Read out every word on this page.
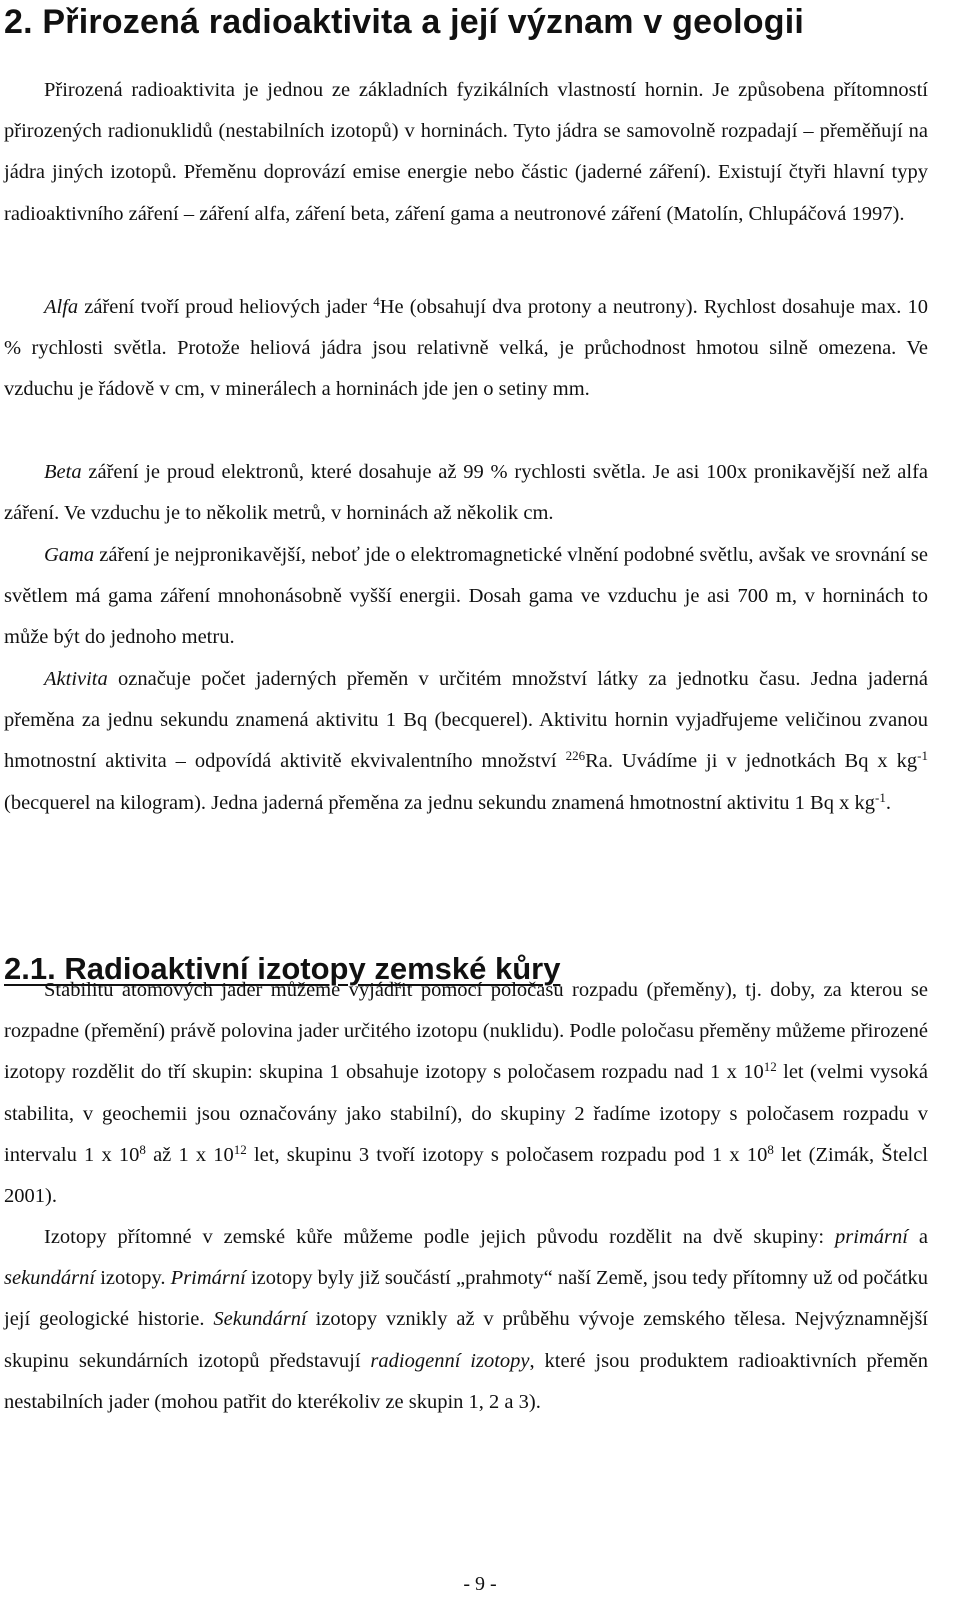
2. Přirozená radioaktivita a její význam v geologii

Přirozená radioaktivita je jednou ze základních fyzikálních vlastností hornin. Je způsobena přítomností přirozených radionuklidů (nestabilních izotopů) v horninách. Tyto jádra se samovolně rozpadají – přeměňují na jádra jiných izotopů. Přeměnu doprovází emise energie nebo částic (jaderné záření). Existují čtyři hlavní typy radioaktivního záření – záření alfa, záření beta, záření gama a neutronové záření (Matolín, Chlupáčová 1997).

Alfa záření tvoří proud heliových jader $^4$He (obsahují dva protony a neutrony). Rychlost dosahuje max. 10 % rychlosti světla. Protože heliová jádra jsou relativně velká, je průchodnost hmotou silně omezena. Ve vzduchu je řádově v cm, v minerálech a horninách jde jen o setiny mm.

Beta záření je proud elektronů, které dosahuje až 99 % rychlosti světla. Je asi 100x pronikavější než alfa záření. Ve vzduchu je to několik metrů, v horninách až několik cm.

Gama záření je nejpronikavější, neboť jde o elektromagnetické vlnění podobné světlu, avšak ve srovnání se světlem má gama záření mnohonásobně vyšší energii. Dosah gama ve vzduchu je asi 700 m, v horninách to může být do jednoho metru.

Aktivita označuje počet jaderných přeměn v určitém množství látky za jednotku času. Jedna jaderná přeměna za jednu sekundu znamená aktivitu 1 Bq (becquerel). Aktivitu hornin vyjadřujeme veličinou zvanou hmotnostní aktivita – odpovídá aktivitě ekvivalentního množství $^{226}$Ra. Uvádíme ji v jednotkách Bq x $kg^{-1}$ (becquerel na kilogram). Jedna jaderná přeměna za jednu sekundu znamená hmotnostní aktivitu 1 Bq x $kg^{-1}$.

2.1. Radioaktivní izotopy zemské kůry

Stabilitu atomových jader můžeme vyjádřit pomocí poločasu rozpadu (přeměny), tj. doby, za kterou se rozpadne (přemění) právě polovina jader určitého izotopu (nuklidu). Podle poločasu přeměny můžeme přirozené izotopy rozdělit do tří skupin: skupina 1 obsahuje izotopy s poločasem rozpadu nad 1 x $10^{12}$ let (velmi vysoká stabilita, v geochemii jsou označovány jako stabilní), do skupiny 2 řadíme izotopy s poločasem rozpadu v intervalu 1 x $10^8$ až 1 x $10^{12}$ let, skupinu 3 tvoří izotopy s poločasem rozpadu pod 1 x $10^8$ let (Zimák, Štelcl 2001).

Izotopy přítomné v zemské kůře můžeme podle jejich původu rozdělit na dvě skupiny: primární a sekundární izotopy. Primární izotopy byly již součástí „prahmoty“ naší Země, jsou tedy přítomny už od počátku její geologické historie. Sekundární izotopy vznikly až v průběhu vývoje zemského tělesa. Nejvýznamnější skupinu sekundárních izotopů představují radiogenní izotopy, které jsou produktem radioaktivních přeměn nestabilních jader (mohou patřit do kterékoliv ze skupin 1, 2 a 3).

- 9 -
